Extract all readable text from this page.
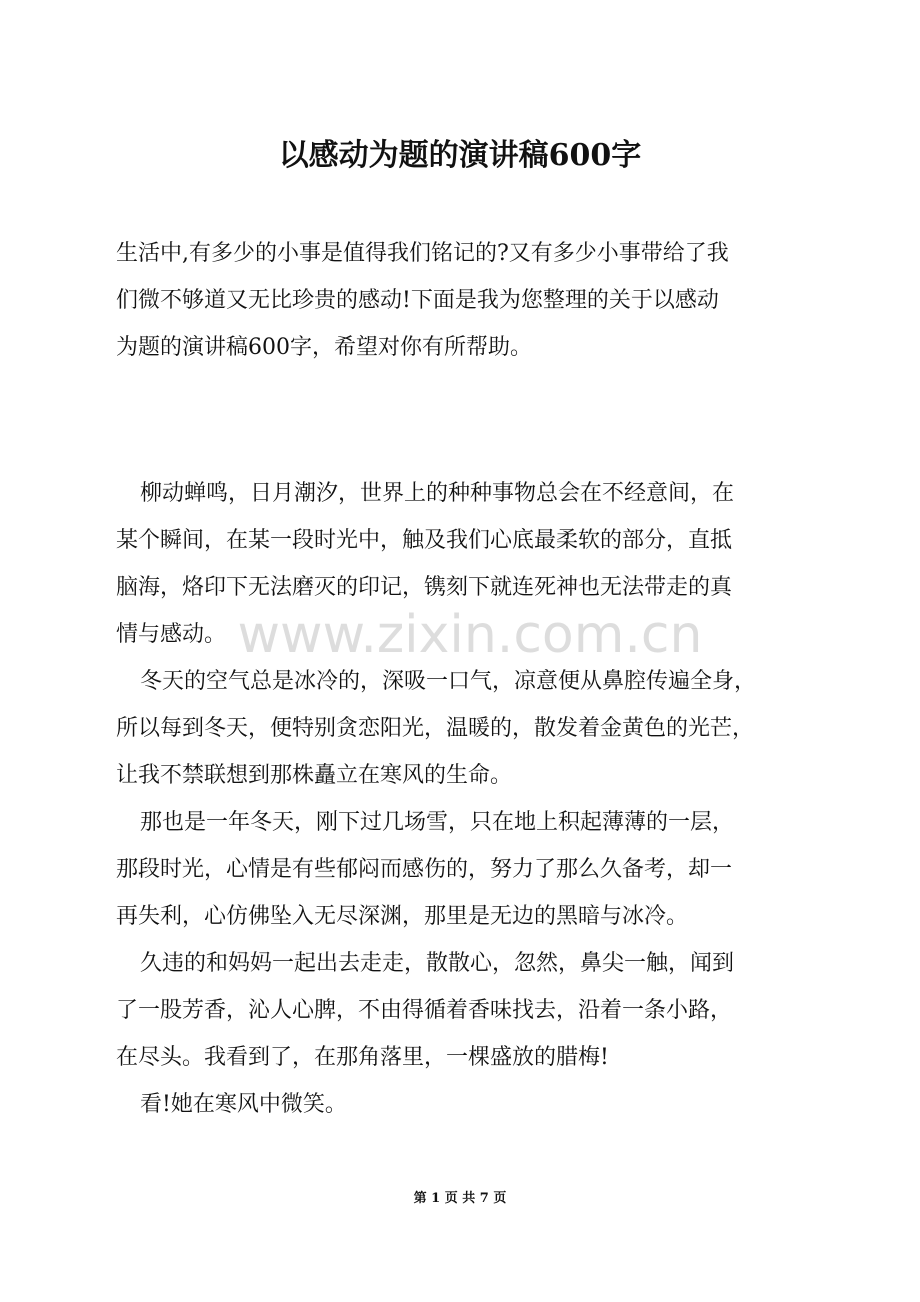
以感动为题的演讲稿600字

生活中,有多少的小事是值得我们铭记的?又有多少小事带给了我

们微不够道又无比珍贵的感动!下面是我为您整理的关于以感动

为题的演讲稿600字，希望对你有所帮助。

柳动蝉鸣，日月潮汐，世界上的种种事物总会在不经意间，在

某个瞬间，在某一段时光中，触及我们心底最柔软的部分，直抵

脑海，烙印下无法磨灭的印记，镌刻下就连死神也无法带走的真

情与感动。

冬天的空气总是冰冷的，深吸一口气，凉意便从鼻腔传遍全身，

所以每到冬天，便特别贪恋阳光，温暖的，散发着金黄色的光芒，

让我不禁联想到那株矗立在寒风的生命。

那也是一年冬天，刚下过几场雪，只在地上积起薄薄的一层，

那段时光，心情是有些郁闷而感伤的，努力了那么久备考，却一

再失利，心仿佛坠入无尽深渊，那里是无边的黑暗与冰冷。

久违的和妈妈一起出去走走，散散心，忽然，鼻尖一触，闻到

了一股芳香，沁人心脾，不由得循着香味找去，沿着一条小路，

在尽头。我看到了，在那角落里，一棵盛放的腊梅!

看!她在寒风中微笑。

www.zixin.com.cn
第 1 页 共 7 页
